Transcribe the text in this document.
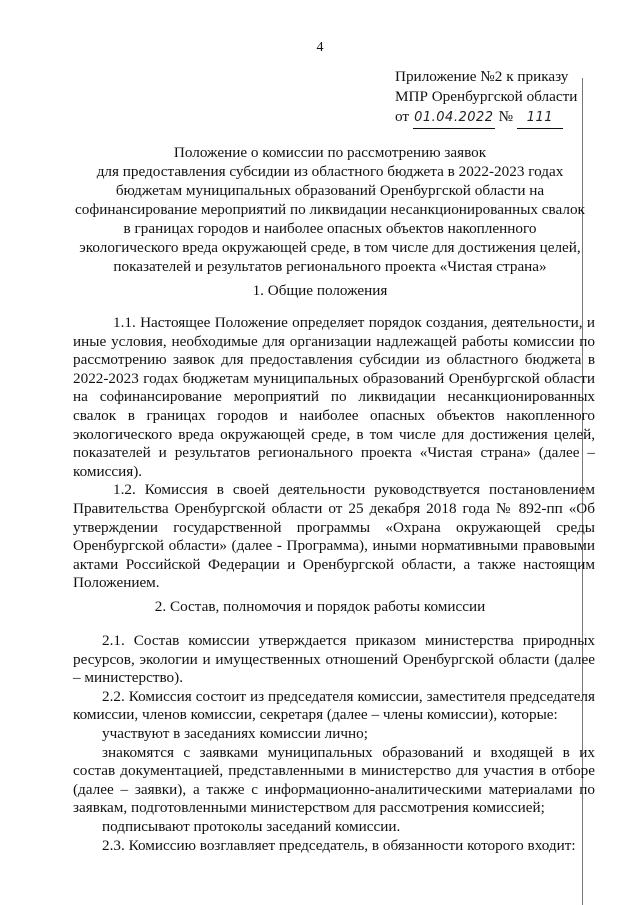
4
Приложение №2 к приказу
МПР Оренбургской области
от 01.04.2022 № 111
Положение о комиссии по рассмотрению заявок
для предоставления субсидии из областного бюджета в 2022-2023 годах
бюджетам муниципальных образований Оренбургской области на
софинансирование мероприятий по ликвидации несанкционированных свалок
в границах городов и наиболее опасных объектов накопленного
экологического вреда окружающей среде, в том числе для достижения целей,
показателей и результатов регионального проекта «Чистая страна»
1. Общие положения
1.1. Настоящее Положение определяет порядок создания, деятельности, и иные условия, необходимые для организации надлежащей работы комиссии по рассмотрению заявок для предоставления субсидии из областного бюджета в 2022-2023 годах бюджетам муниципальных образований Оренбургской области на софинансирование мероприятий по ликвидации несанкционированных свалок в границах городов и наиболее опасных объектов накопленного экологического вреда окружающей среде, в том числе для достижения целей, показателей и результатов регионального проекта «Чистая страна» (далее – комиссия).
1.2. Комиссия в своей деятельности руководствуется постановлением Правительства Оренбургской области от 25 декабря 2018 года № 892-пп «Об утверждении государственной программы «Охрана окружающей среды Оренбургской области» (далее - Программа), иными нормативными правовыми актами Российской Федерации и Оренбургской области, а также настоящим Положением.
2. Состав, полномочия и порядок работы комиссии
2.1. Состав комиссии утверждается приказом министерства природных ресурсов, экологии и имущественных отношений Оренбургской области (далее – министерство).
2.2. Комиссия состоит из председателя комиссии, заместителя председателя комиссии, членов комиссии, секретаря (далее – члены комиссии), которые:
участвуют в заседаниях комиссии лично;
знакомятся с заявками муниципальных образований и входящей в их состав документацией, представленными в министерство для участия в отборе (далее – заявки), а также с информационно-аналитическими материалами по заявкам, подготовленными министерством для рассмотрения комиссией;
подписывают протоколы заседаний комиссии.
2.3. Комиссию возглавляет председатель, в обязанности которого входит:
